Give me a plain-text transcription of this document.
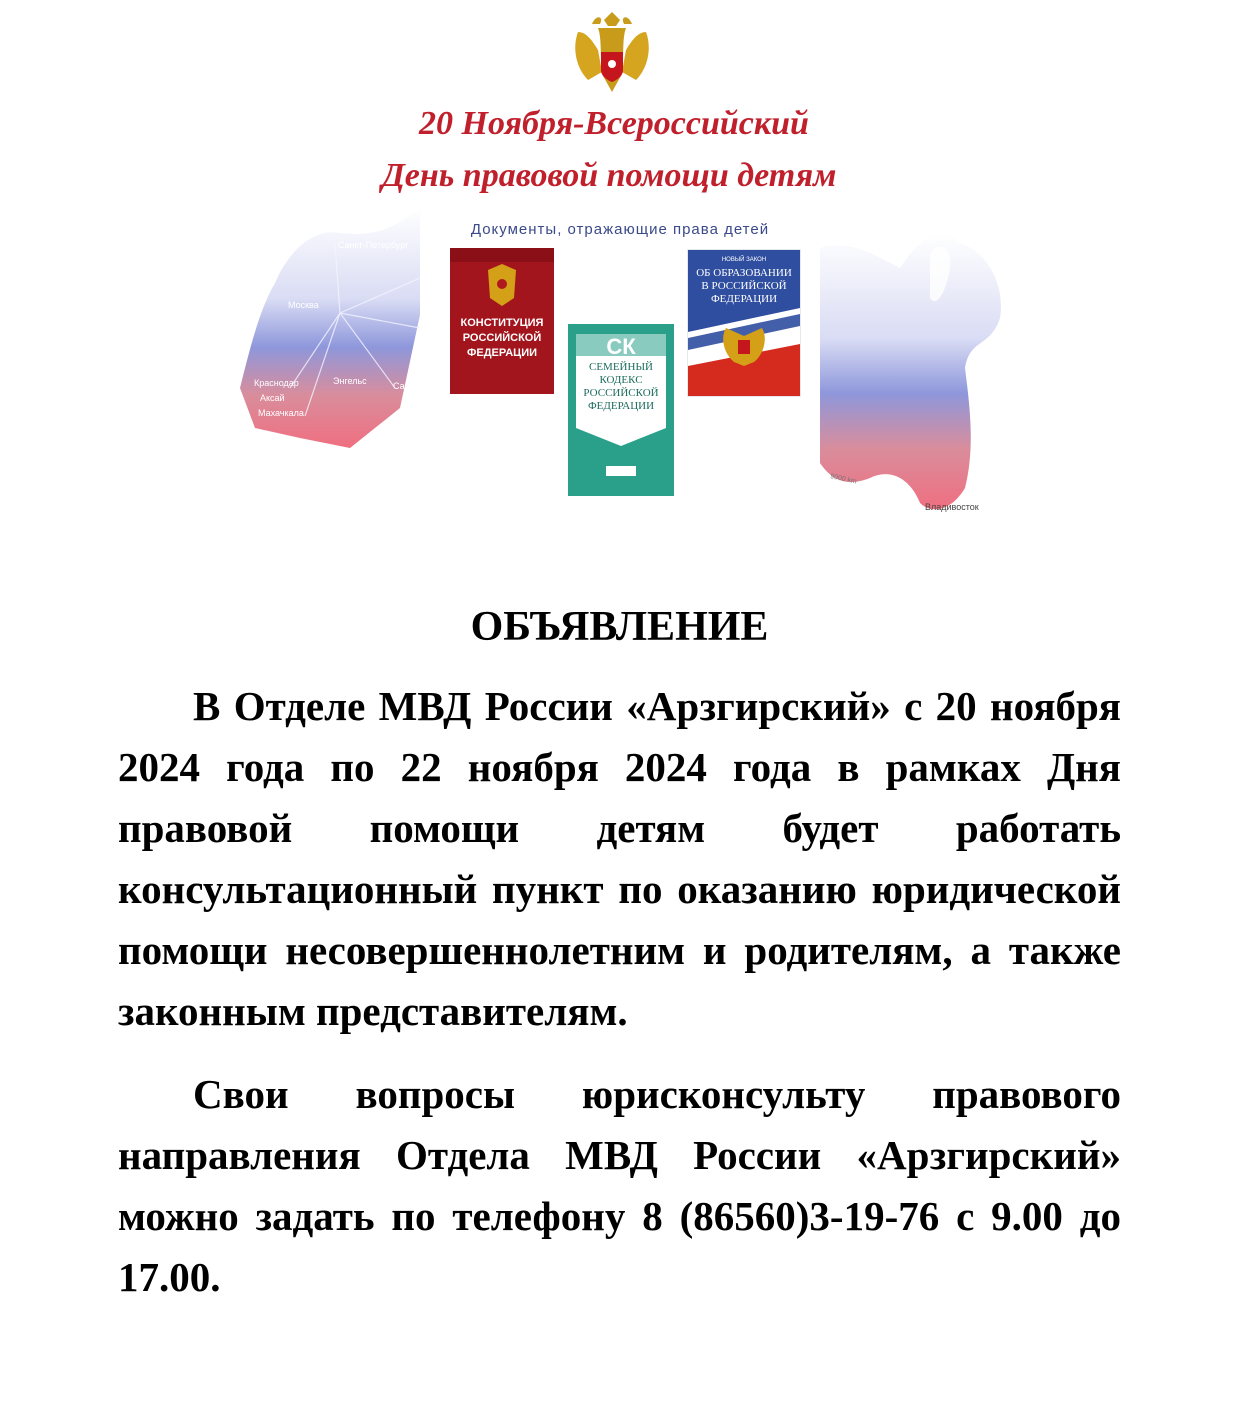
Санкт-Петербург
Москва
Краснодар
Аксай
Махачкала
Энгельс	Сама
9000 km
Владивосток
20 Ноября-Всероссийский
День правовой помощи детям
Документы, отражающие права детей
КОНСТИТУЦИЯ
РОССИЙСКОЙ
ФЕДЕРАЦИИ	СК
СЕМЕЙНЫЙ
КОДЕКС
РОССИЙСКОЙ
ФЕДЕРАЦИИ
НОВЫЙ ЗАКОН
ОБ ОБРАЗОВАНИИ
В РОССИЙСКОЙ
ФЕДЕРАЦИИ
ОБЪЯВЛЕНИЕ

В Отделе МВД России «Арзгирский» с 20 ноября 2024 года по 22 ноября 2024 года в рамках Дня правовой помощи детям будет работать консультационный пункт по оказанию юридической помощи несовершеннолетним и родителям, а также законным представителям.

Свои вопросы юрисконсульту правового направления Отдела МВД России «Арзгирский» можно задать по телефону 8 (86560)3-19-76 с 9.00 до 17.00.
